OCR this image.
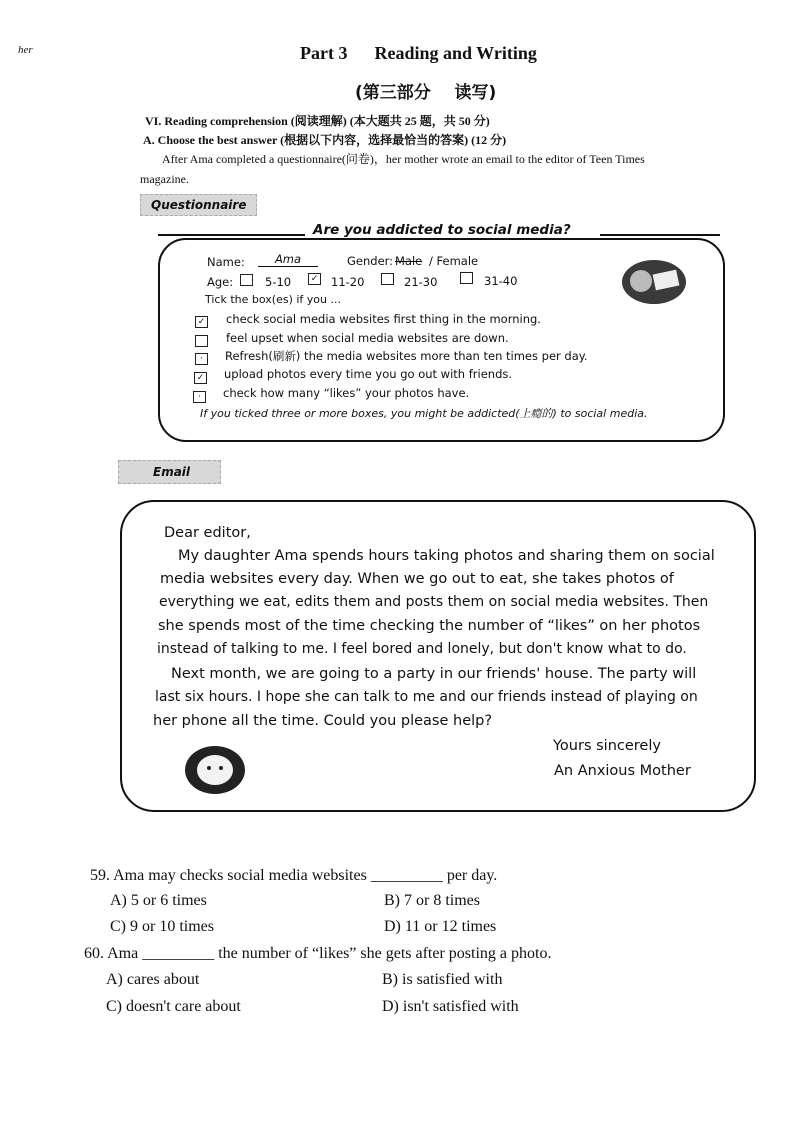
her	Part 3      Reading and Writing
(第三部分    读写)
VI. Reading comprehension (阅读理解) (本大题共 25 题，共 50 分)
A. Choose the best answer (根据以下内容，选择最恰当的答案) (12 分)
After Ama completed a questionnaire(问卷)，her mother wrote an email to the editor of Teen Times
magazine.
Questionnaire
Are you addicted to social media?
Name:	Ama	Gender: Male / Female
Age:	5-10	✓ 11-20	21-30	31-40
Tick the box(es) if you ...
✓ check social media websites first thing in the morning.
feel upset when social media websites are down.
·	Refresh(刷新) the media websites more than ten times per day.
✓ upload photos every time you go out with friends.
·	check how many “likes” your photos have.
If you ticked three or more boxes, you might be addicted(上瘾的) to social media.
Email
Dear editor,
My daughter Ama spends hours taking photos and sharing them on social
media websites every day. When we go out to eat, she takes photos of
everything we eat, edits them and posts them on social media websites. Then
she spends most of the time checking the number of “likes” on her photos
instead of talking to me. I feel bored and lonely, but don't know what to do.
Next month, we are going to a party in our friends' house. The party will
last six hours. I hope she can talk to me and our friends instead of playing on
her phone all the time. Could you please help?
Yours sincerely
An Anxious Mother
59. Ama may checks social media websites _________ per day.
A) 5 or 6 times	B) 7 or 8 times
C) 9 or 10 times	D) 11 or 12 times
60. Ama _________ the number of “likes” she gets after posting a photo.
A) cares about	B) is satisfied with
C) doesn't care about	D) isn't satisfied with
